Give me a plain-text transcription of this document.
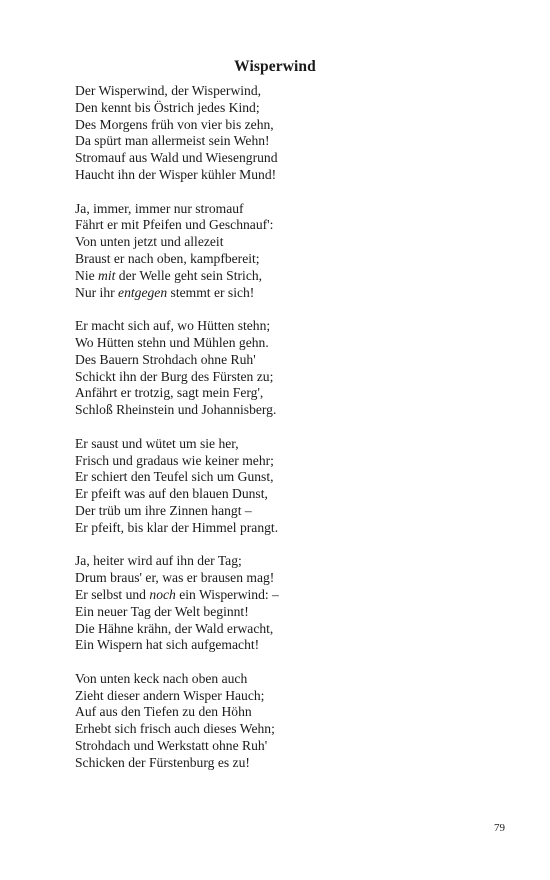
Wisperwind
Der Wisperwind, der Wisperwind,
Den kennt bis Östrich jedes Kind;
Des Morgens früh von vier bis zehn,
Da spürt man allermeist sein Wehn!
Stromauf aus Wald und Wiesengrund
Haucht ihn der Wisper kühler Mund!
Ja, immer, immer nur stromauf
Fährt er mit Pfeifen und Geschnauf':
Von unten jetzt und allezeit
Braust er nach oben, kampfbereit;
Nie mit der Welle geht sein Strich,
Nur ihr entgegen stemmt er sich!
Er macht sich auf, wo Hütten stehn;
Wo Hütten stehn und Mühlen gehn.
Des Bauern Strohdach ohne Ruh'
Schickt ihn der Burg des Fürsten zu;
Anfährt er trotzig, sagt mein Ferg',
Schloß Rheinstein und Johannisberg.
Er saust und wütet um sie her,
Frisch und gradaus wie keiner mehr;
Er schiert den Teufel sich um Gunst,
Er pfeift was auf den blauen Dunst,
Der trüb um ihre Zinnen hangt –
Er pfeift, bis klar der Himmel prangt.
Ja, heiter wird auf ihn der Tag;
Drum braus' er, was er brausen mag!
Er selbst und noch ein Wisperwind: –
Ein neuer Tag der Welt beginnt!
Die Hähne krähn, der Wald erwacht,
Ein Wispern hat sich aufgemacht!
Von unten keck nach oben auch
Zieht dieser andern Wisper Hauch;
Auf aus den Tiefen zu den Höhn
Erhebt sich frisch auch dieses Wehn;
Strohdach und Werkstatt ohne Ruh'
Schicken der Fürstenburg es zu!
79
